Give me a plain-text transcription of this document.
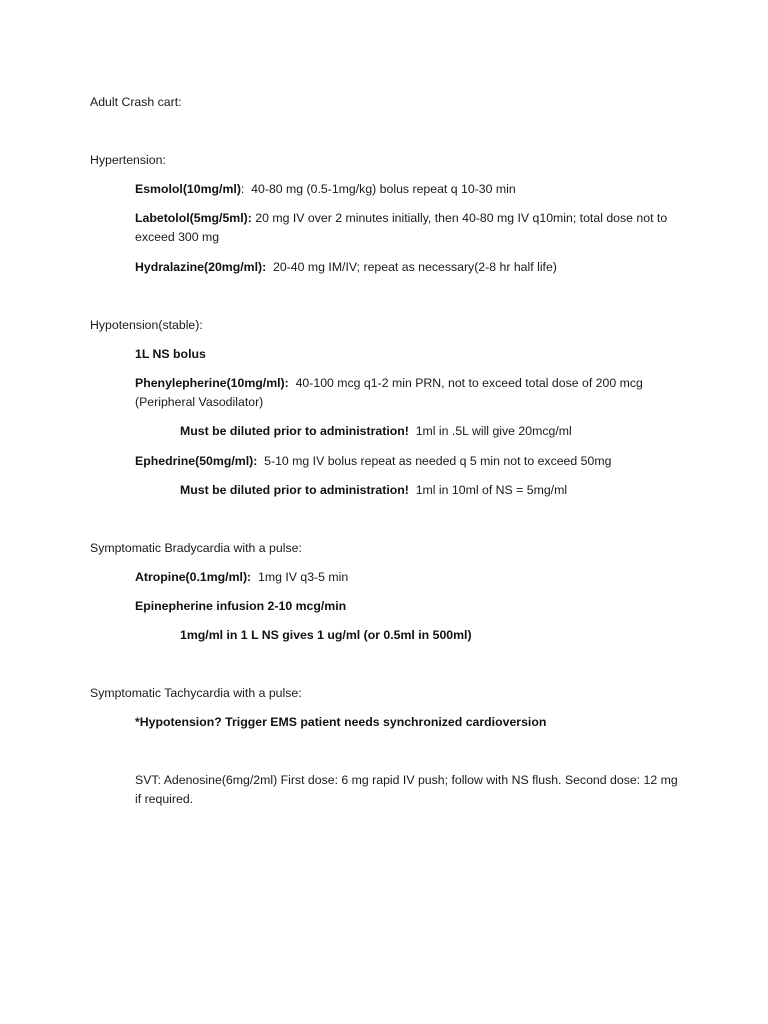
Adult Crash cart:
Hypertension:
Esmolol(10mg/ml):  40-80 mg (0.5-1mg/kg) bolus repeat q 10-30 min
Labetolol(5mg/5ml): 20 mg IV over 2 minutes initially, then 40-80 mg IV q10min; total dose not to exceed 300 mg
Hydralazine(20mg/ml):  20-40 mg IM/IV; repeat as necessary(2-8 hr half life)
Hypotension(stable):
1L NS bolus
Phenylepherine(10mg/ml):  40-100 mcg q1-2 min PRN, not to exceed total dose of 200 mcg (Peripheral Vasodilator)
Must be diluted prior to administration!  1ml in .5L will give 20mcg/ml
Ephedrine(50mg/ml):  5-10 mg IV bolus repeat as needed q 5 min not to exceed 50mg
Must be diluted prior to administration!  1ml in 10ml of NS = 5mg/ml
Symptomatic Bradycardia with a pulse:
Atropine(0.1mg/ml):  1mg IV q3-5 min
Epinepherine infusion 2-10 mcg/min
1mg/ml in 1 L NS gives 1 ug/ml (or 0.5ml in 500ml)
Symptomatic Tachycardia with a pulse:
*Hypotension? Trigger EMS patient needs synchronized cardioversion
SVT: Adenosine(6mg/2ml) First dose: 6 mg rapid IV push; follow with NS flush. Second dose: 12 mg if required.
